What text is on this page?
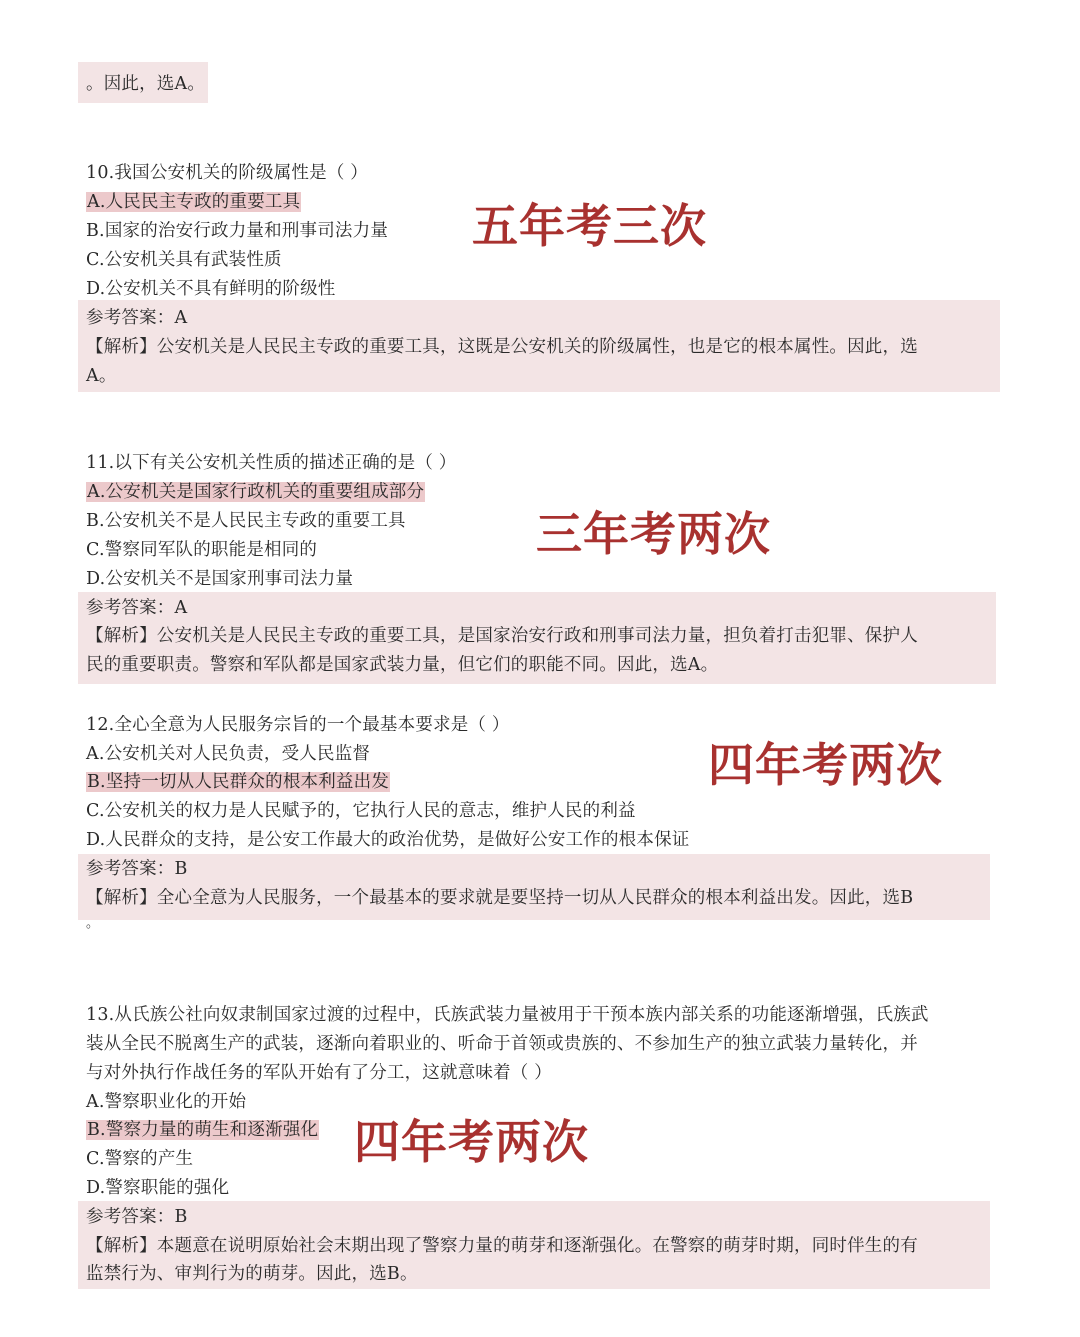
。因此，选A。
10.我国公安机关的阶级属性是（ ）
A.人民民主专政的重要工具
B.国家的治安行政力量和刑事司法力量
C.公安机关具有武装性质
D.公安机关不具有鲜明的阶级性
参考答案：A
【解析】公安机关是人民民主专政的重要工具，这既是公安机关的阶级属性，也是它的根本属性。因此，选
A。
五年考三次
11.以下有关公安机关性质的描述正确的是（ ）
A.公安机关是国家行政机关的重要组成部分
B.公安机关不是人民民主专政的重要工具
C.警察同军队的职能是相同的
D.公安机关不是国家刑事司法力量
参考答案：A
【解析】公安机关是人民民主专政的重要工具，是国家治安行政和刑事司法力量，担负着打击犯罪、保护人
民的重要职责。警察和军队都是国家武装力量，但它们的职能不同。因此，选A。
三年考两次
12.全心全意为人民服务宗旨的一个最基本要求是（ ）
A.公安机关对人民负责，受人民监督
B.坚持一切从人民群众的根本利益出发
C.公安机关的权力是人民赋予的，它执行人民的意志，维护人民的利益
D.人民群众的支持，是公安工作最大的政治优势，是做好公安工作的根本保证
参考答案：B
【解析】全心全意为人民服务，一个最基本的要求就是要坚持一切从人民群众的根本利益出发。因此，选B
。
四年考两次
13.从氏族公社向奴隶制国家过渡的过程中，氏族武装力量被用于干预本族内部关系的功能逐渐增强，氏族武
装从全民不脱离生产的武装，逐渐向着职业的、听命于首领或贵族的、不参加生产的独立武装力量转化，并
与对外执行作战任务的军队开始有了分工，这就意味着（ ）
A.警察职业化的开始
B.警察力量的萌生和逐渐强化
C.警察的产生
D.警察职能的强化
参考答案：B
【解析】本题意在说明原始社会末期出现了警察力量的萌芽和逐渐强化。在警察的萌芽时期，同时伴生的有
监禁行为、审判行为的萌芽。因此，选B。
四年考两次
